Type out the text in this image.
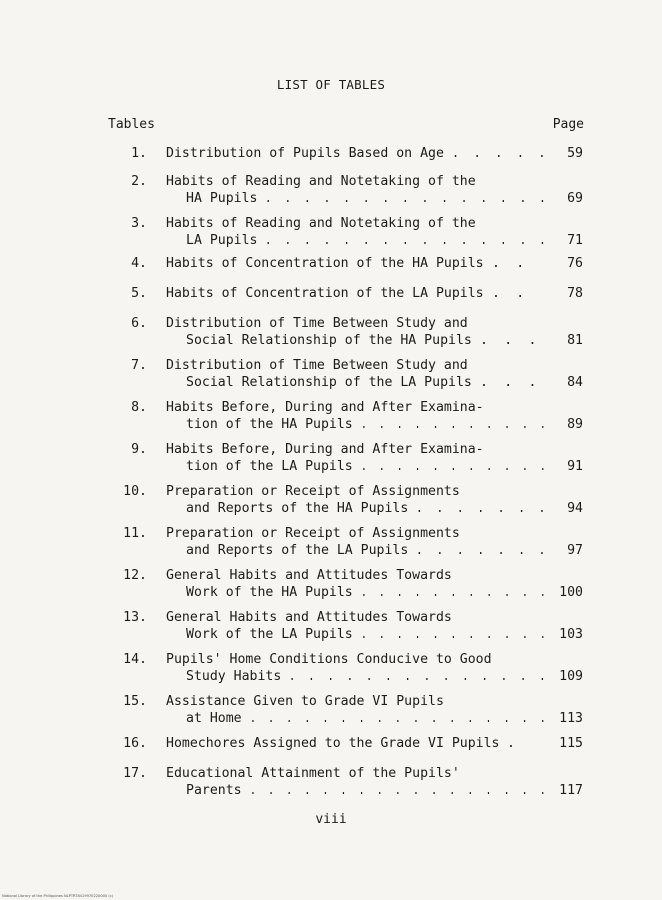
LIST OF TABLES
Tables	Page
1. Distribution of Pupils Based on Age . . . . . 59
2. Habits of Reading and Notetaking of the
HA Pupils . . . . . . . . . . . . . . . 69
3. Habits of Reading and Notetaking of the
LA Pupils . . . . . . . . . . . . . . . 71
4. Habits of Concentration of the HA Pupils . .	76
5. Habits of Concentration of the LA Pupils . .	78
6. Distribution of Time Between Study and
Social Relationship of the HA Pupils . . . 81
7. Distribution of Time Between Study and
Social Relationship of the LA Pupils . . . 84
8. Habits Before, During and After Examina-
tion of the HA Pupils . . . . . . . . . . . 89
9. Habits Before, During and After Examina-
tion of the LA Pupils . . . . . . . . . . . 91
10. Preparation or Receipt of Assignments
and Reports of the HA Pupils . . . . . . . 94
11. Preparation or Receipt of Assignments
and Reports of the LA Pupils . . . . . . . 97
12. General Habits and Attitudes Towards
Work of the HA Pupils . . . . . . . . . . . 100
13. General Habits and Attitudes Towards
Work of the LA Pupils . . . . . . . . . . . 103
14. Pupils' Home Conditions Conducive to Good
Study Habits . . . . . . . . . . . . . . 109
15. Assistance Given to Grade VI Pupils
at Home . . . . . . . . . . . . . . . . . 113
16. Homechores Assigned to the Grade VI Pupils .	115
17. Educational Attainment of the Pupils'
Parents . . . . . . . . . . . . . . . . . 117
viii
National Library of the Philippines NLPTRT8419970220000 (c)
